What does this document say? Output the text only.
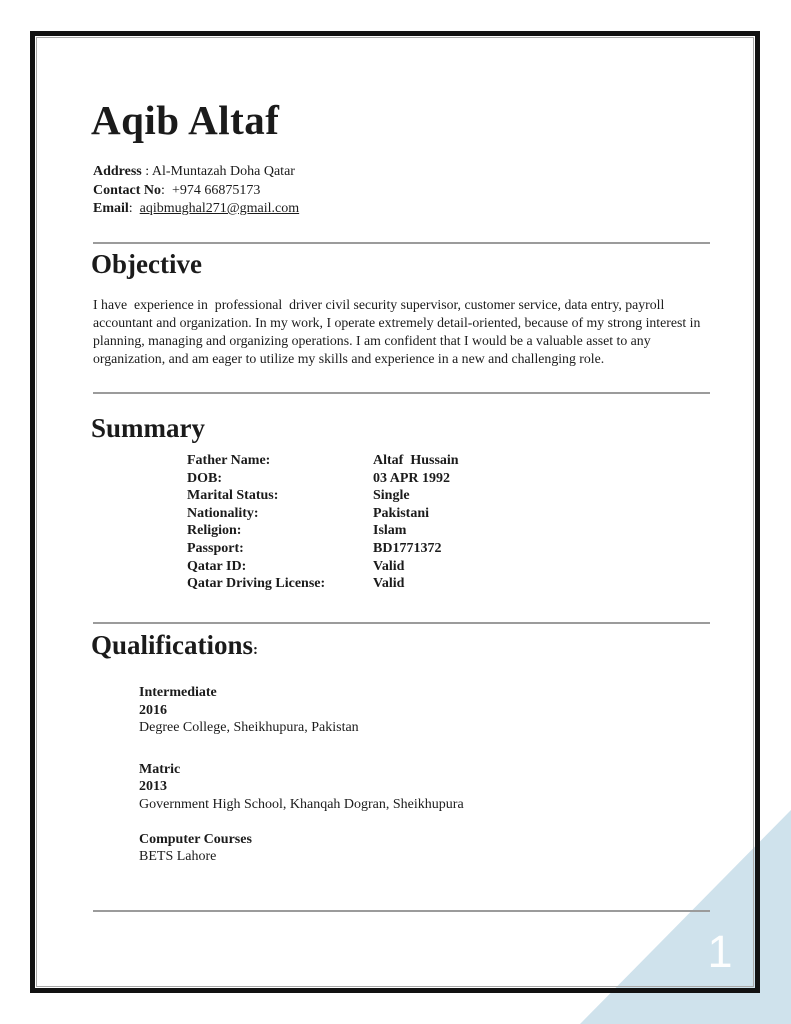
Aqib Altaf
Address : Al-Muntazah Doha Qatar
Contact No:  +974 66875173
Email:  aqibmughal271@gmail.com
Objective
I have  experience in  professional  driver civil security supervisor, customer service, data entry, payroll accountant and organization. In my work, I operate extremely detail-oriented, because of my strong interest in planning, managing and organizing operations. I am confident that I would be a valuable asset to any organization, and am eager to utilize my skills and experience in a new and challenging role.
Summary
Father Name:	Altaf  Hussain
DOB:	03 APR 1992
Marital Status:	Single
Nationality:	Pakistani
Religion:	Islam
Passport:	BD1771372
Qatar ID:	Valid
Qatar Driving License:	Valid
Qualifications:
Intermediate
2016
Degree College, Sheikhupura, Pakistan
Matric
2013
Government High School, Khanqah Dogran, Sheikhupura
Computer Courses
BETS Lahore
1
